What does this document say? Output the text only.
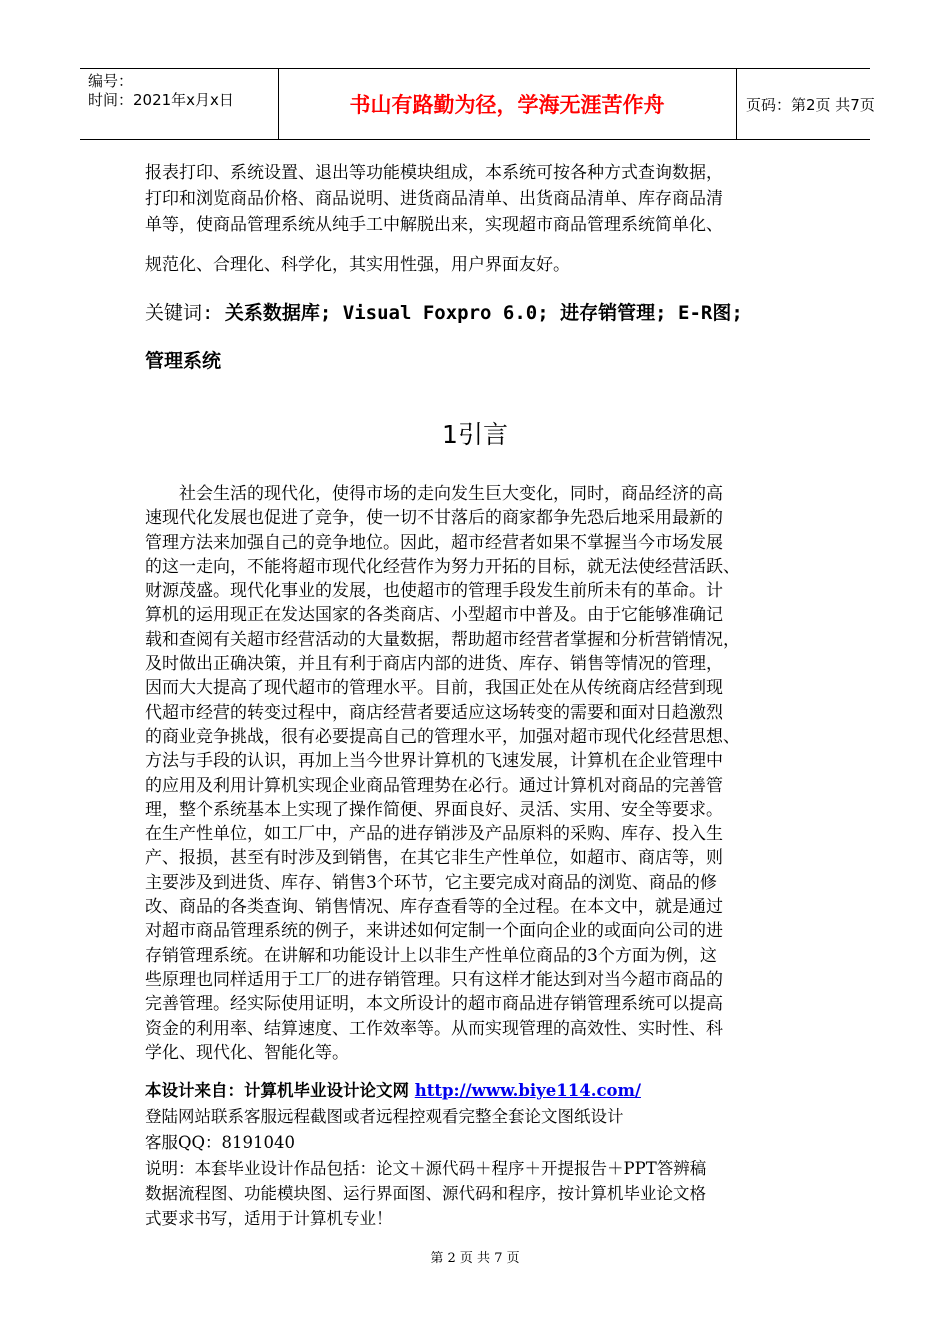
编号：
时间：2021年x月x日	书山有路勤为径，学海无涯苦作舟	页码：第2页 共7页
报表打印、系统设置、退出等功能模块组成，本系统可按各种方式查询数据，
打印和浏览商品价格、商品说明、进货商品清单、出货商品清单、库存商品清
单等，使商品管理系统从纯手工中解脱出来，实现超市商品管理系统简单化、
规范化、合理化、科学化，其实用性强，用户界面友好。
关键词: 关系数据库; Visual Foxpro 6.0; 进存销管理; E-R图;
管理系统
1引言
社会生活的现代化，使得市场的走向发生巨大变化，同时，商品经济的高
速现代化发展也促进了竞争，使一切不甘落后的商家都争先恐后地采用最新的
管理方法来加强自己的竞争地位。因此，超市经营者如果不掌握当今市场发展
的这一走向，不能将超市现代化经营作为努力开拓的目标，就无法使经营活跃、
财源茂盛。现代化事业的发展，也使超市的管理手段发生前所未有的革命。计
算机的运用现正在发达国家的各类商店、小型超市中普及。由于它能够准确记
载和查阅有关超市经营活动的大量数据，帮助超市经营者掌握和分析营销情况，
及时做出正确决策，并且有利于商店内部的进货、库存、销售等情况的管理，
因而大大提高了现代超市的管理水平。目前，我国正处在从传统商店经营到现
代超市经营的转变过程中，商店经营者要适应这场转变的需要和面对日趋激烈
的商业竞争挑战，很有必要提高自己的管理水平，加强对超市现代化经营思想、
方法与手段的认识，再加上当今世界计算机的飞速发展，计算机在企业管理中
的应用及利用计算机实现企业商品管理势在必行。通过计算机对商品的完善管
理，整个系统基本上实现了操作简便、界面良好、灵活、实用、安全等要求。
在生产性单位，如工厂中，产品的进存销涉及产品原料的采购、库存、投入生
产、报损，甚至有时涉及到销售，在其它非生产性单位，如超市、商店等，则
主要涉及到进货、库存、销售3个环节，它主要完成对商品的浏览、商品的修
改、商品的各类查询、销售情况、库存查看等的全过程。在本文中，就是通过
对超市商品管理系统的例子，来讲述如何定制一个面向企业的或面向公司的进
存销管理系统。在讲解和功能设计上以非生产性单位商品的3个方面为例，这
些原理也同样适用于工厂的进存销管理。只有这样才能达到对当今超市商品的
完善管理。经实际使用证明，本文所设计的超市商品进存销管理系统可以提高
资金的利用率、结算速度、工作效率等。从而实现管理的高效性、实时性、科
学化、现代化、智能化等。
本设计来自：计算机毕业设计论文网 http://www.biye114.com/
登陆网站联系客服远程截图或者远程控观看完整全套论文图纸设计
客服QQ：8191040
说明：本套毕业设计作品包括：论文＋源代码＋程序＋开提报告＋PPT答辨稿
数据流程图、功能模块图、运行界面图、源代码和程序，按计算机毕业论文格
式要求书写，适用于计算机专业！
第 2 页 共 7 页
